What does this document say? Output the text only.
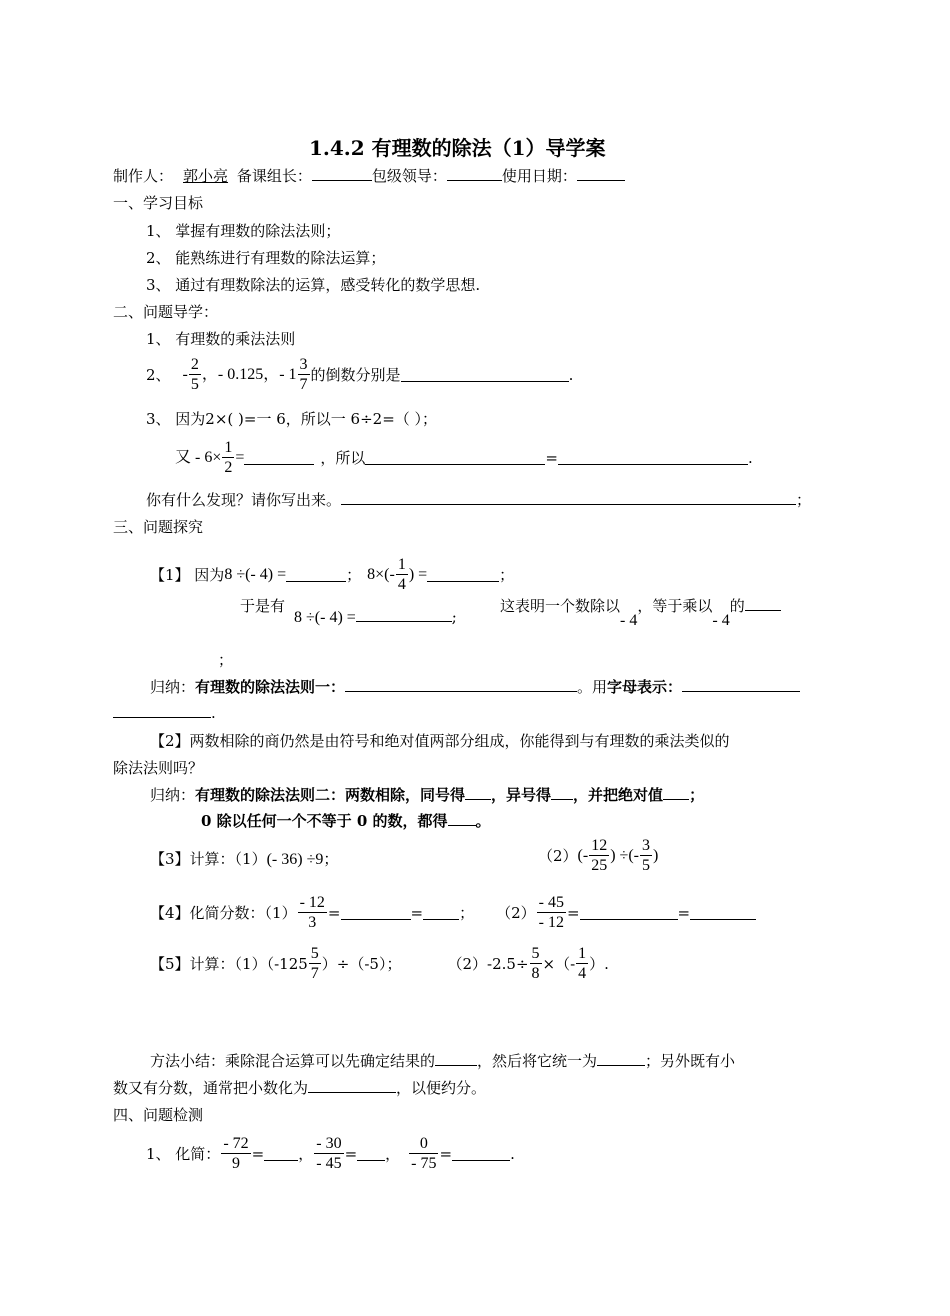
1.4.2 有理数的除法（1）导学案
制作人： 郭小亮 备课组长：	包级领导：	使用日期：
一、学习目标
1、 掌握有理数的除法法则；
2、 能熟练进行有理数的除法运算；
3、 通过有理数除法的运算，感受转化的数学思想.
二、问题导学：
1、 有理数的乘法法则
2、 - $\frac{2}{5}$ ，- 0.125，- $1 \frac{3}{7}$ 的倒数分别是	.
3、 因为2×( )=一 6，所以一 6÷2=（ ）；
又 - $6\times \frac{1}{2}$ =	，所以	=	.
你有什么发现？请你写出来。	；
三、问题探究
【1】 因为 8 ÷(- 4) =	； $8\times(- \frac{1}{4}$ ) =	；
于是有
8 ÷(- 4) =	;
这表明一个数除以- 4，等于乘以- 4的
；
归纳：有理数的除法法则一：	。用字母表示：
.
【2】两数相除的商仍然是由符号和绝对值两部分组成，你能得到与有理数的乘法类似的
除法法则吗？
归纳：有理数的除法法则二：两数相除，同号得 ，异号得 ，并把绝对值 ；
0 除以任何一个不等于 0 的数，都得 。
【3】计算：（1）(- 36) ÷9；	（2） (- $\frac{12}{25}$ ) ÷(- $\frac{3}{5}$ )
【4】化简分数：$(1) \frac{- 12}{3}$ =	= ； $(2) \frac{- 45}{- 12}$ =	=
【5】计算：$(1)(-125 \frac{5}{7} )\div(-5)$；	$(2)-2.5\div \frac{5}{8}$ ×（- $\frac{1}{4}$ ）.
方法小结：乘除混合运算可以先确定结果的	，然后将它统一为	；另外既有小
数又有分数，通常把小数化为	，以便约分。
四、问题检测
1、 化简： $\frac{- 72}{9}$ = ， $\frac{- 30}{- 45}$ = ， $\frac{0}{- 75}$ =	.
